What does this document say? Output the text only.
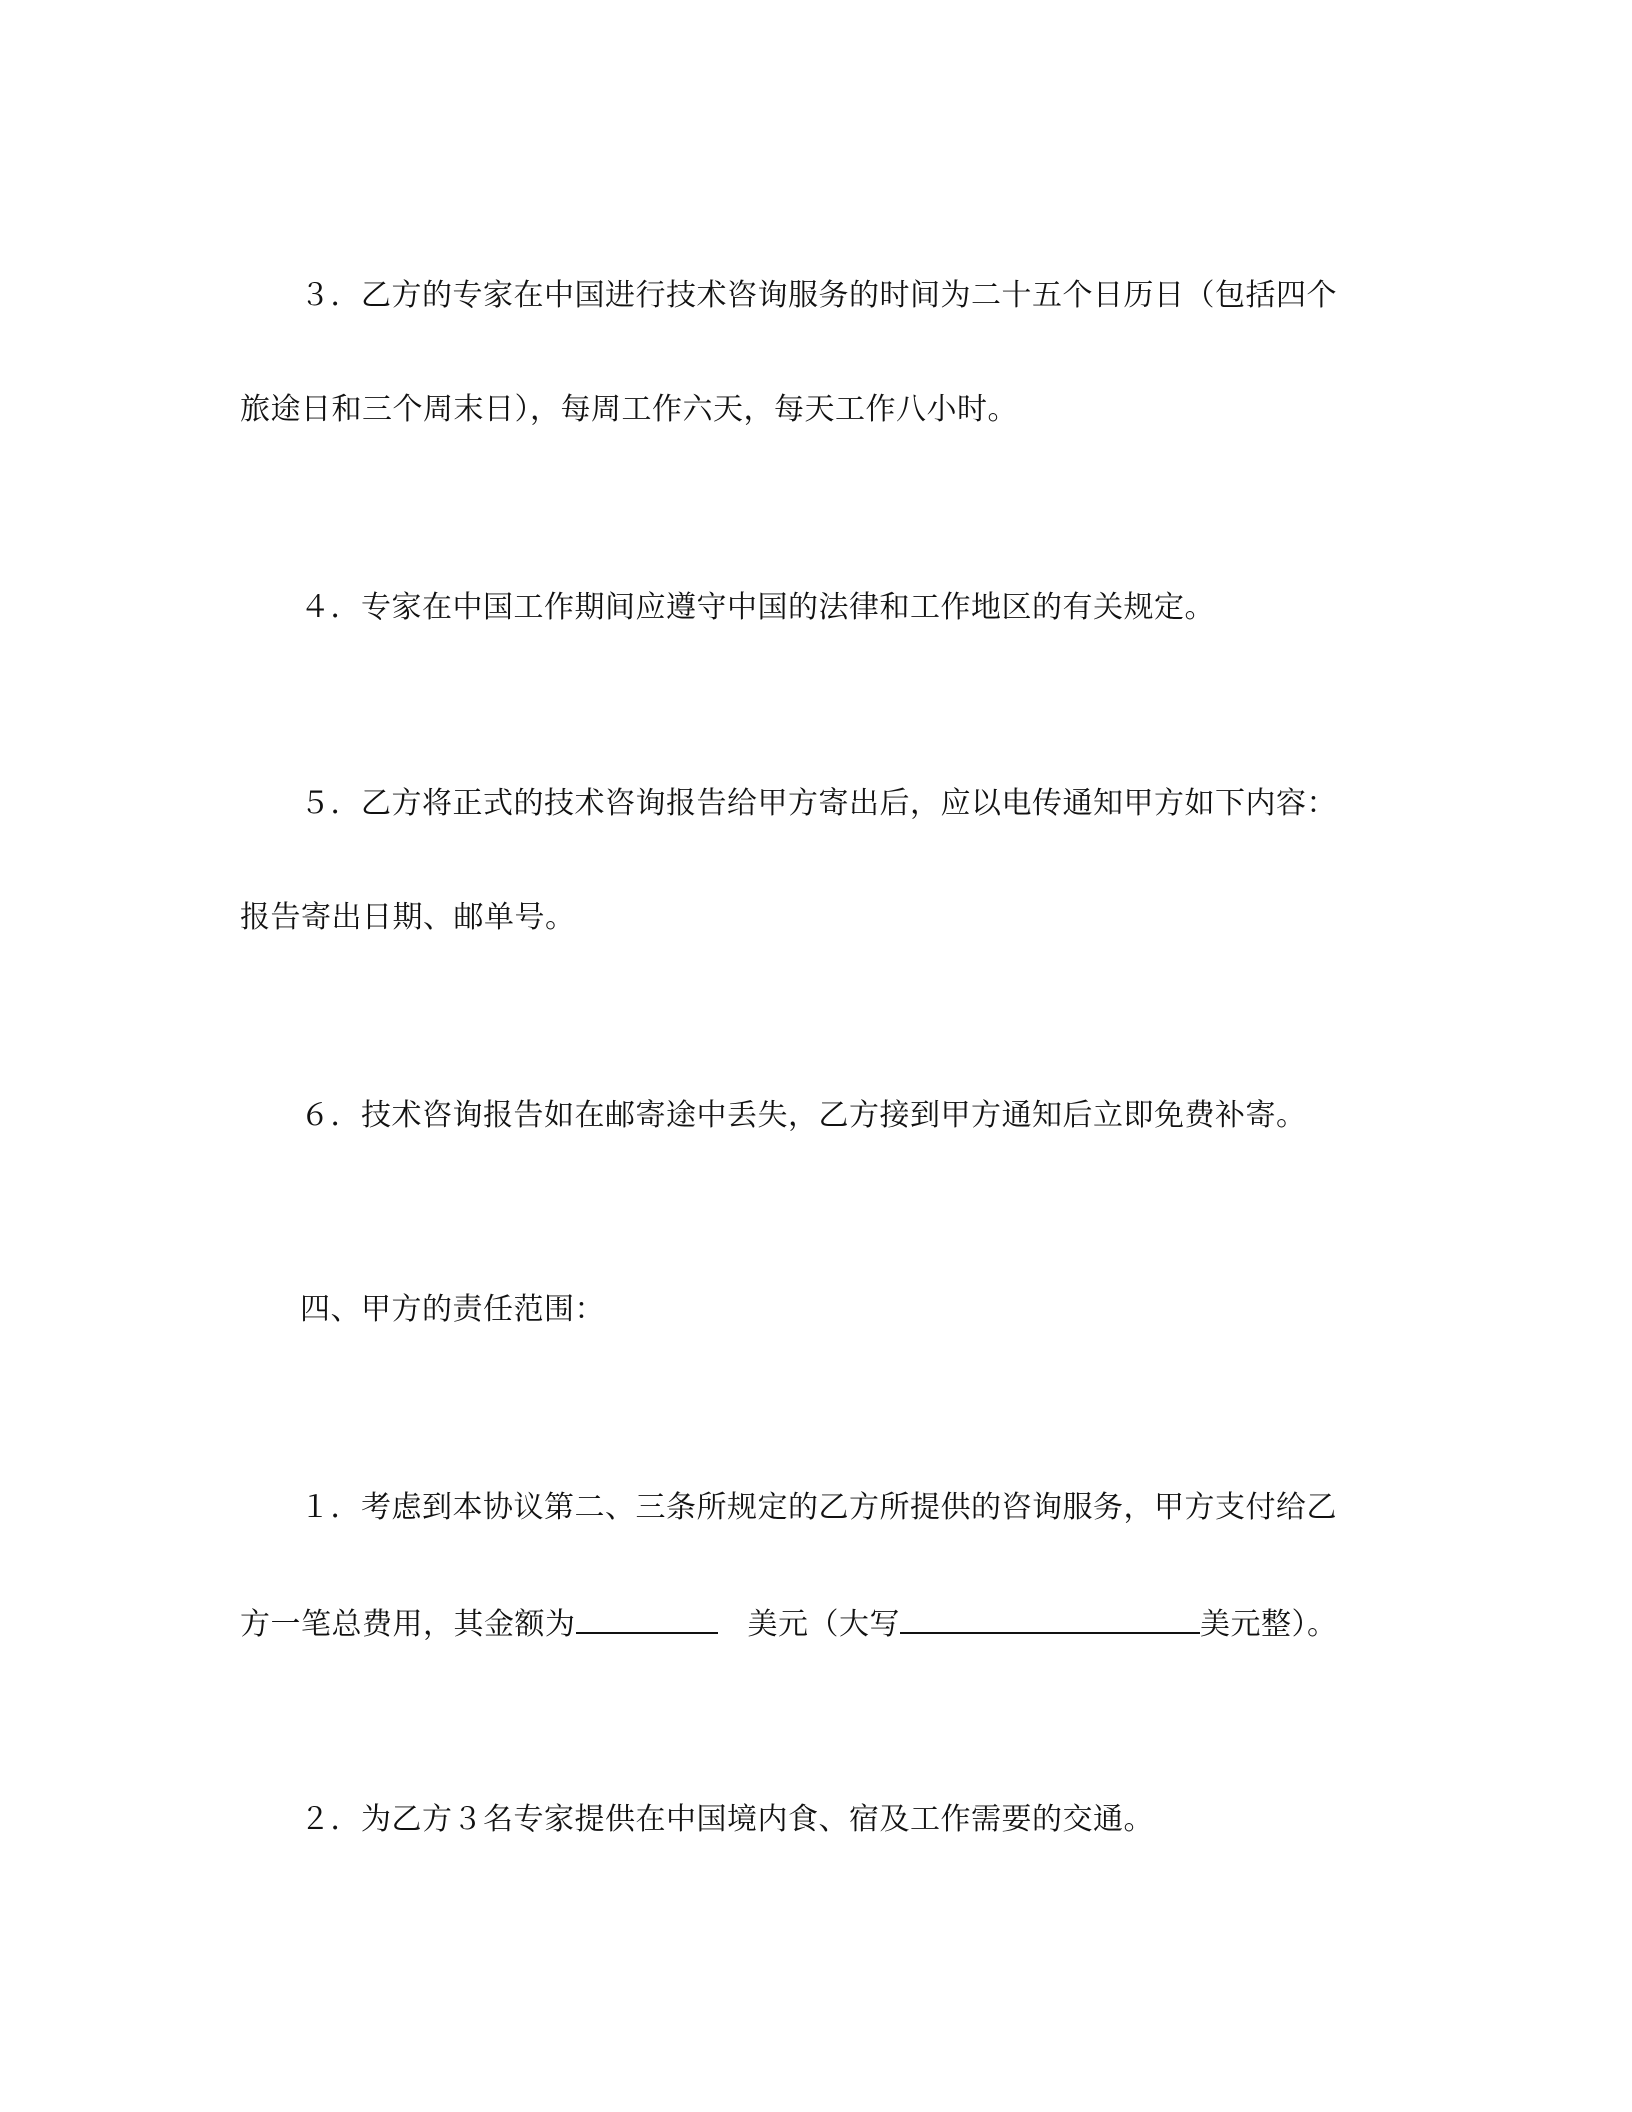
３．乙方的专家在中国进行技术咨询服务的时间为二十五个日历日（包括四个
旅途日和三个周末日），每周工作六天，每天工作八小时。
４．专家在中国工作期间应遵守中国的法律和工作地区的有关规定。
５．乙方将正式的技术咨询报告给甲方寄出后，应以电传通知甲方如下内容：
报告寄出日期、邮单号。
６．技术咨询报告如在邮寄途中丢失，乙方接到甲方通知后立即免费补寄。
四、甲方的责任范围：
１．考虑到本协议第二、三条所规定的乙方所提供的咨询服务，甲方支付给乙
方一笔总费用，其金额为	美元（大写	美元整）。
２．为乙方３名专家提供在中国境内食、宿及工作需要的交通。
